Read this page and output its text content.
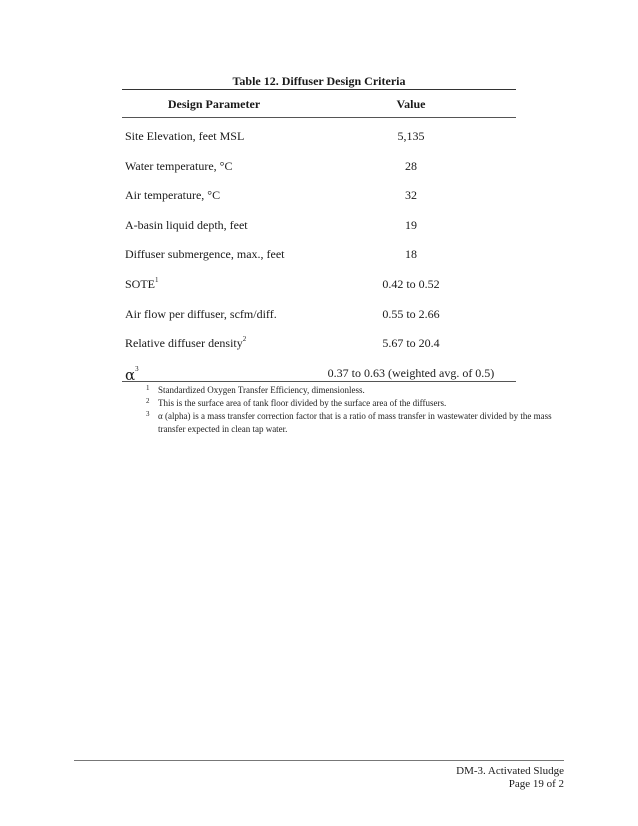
Table 12. Diffuser Design Criteria
Design Parameter	Value
Site Elevation, feet MSL	5,135
Water temperature, °C	28
Air temperature, °C	32
A-basin liquid depth, feet	19
Diffuser submergence, max., feet	18
SOTE$^1$	0.42 to 0.52
Air flow per diffuser, scfm/diff.	0.55 to 2.66
Relative diffuser density$^2$	5.67 to 20.4
$\alpha^3$	0.37 to 0.63 (weighted avg. of 0.5)
1 Standardized Oxygen Transfer Efficiency, dimensionless.
2 This is the surface area of tank floor divided by the surface area of the diffusers.
3 α (alpha) is a mass transfer correction factor that is a ratio of mass transfer in wastewater divided by the mass transfer expected in clean tap water.
DM-3. Activated Sludge
Page 19 of 2
